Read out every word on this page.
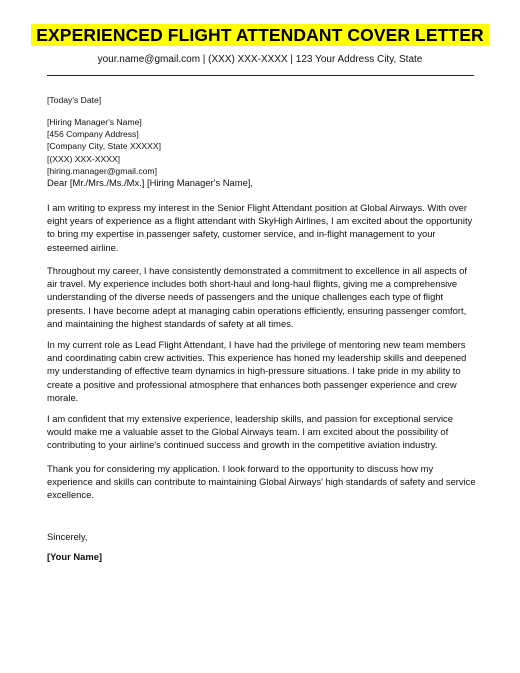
EXPERIENCED FLIGHT ATTENDANT COVER LETTER
your.name@gmail.com | (XXX) XXX-XXXX | 123 Your Address City, State
[Today's Date]
[Hiring Manager's Name]
[456 Company Address]
[Company City, State XXXXX]
[(XXX) XXX-XXXX]
[hiring.manager@gmail.com]
Dear [Mr./Mrs./Ms./Mx.] [Hiring Manager's Name],

I am writing to express my interest in the Senior Flight Attendant position at Global Airways. With over eight years of experience as a flight attendant with SkyHigh Airlines, I am excited about the opportunity to bring my expertise in passenger safety, customer service, and in-flight management to your esteemed airline.

Throughout my career, I have consistently demonstrated a commitment to excellence in all aspects of air travel. My experience includes both short-haul and long-haul flights, giving me a comprehensive understanding of the diverse needs of passengers and the unique challenges each type of flight presents. I have become adept at managing cabin operations efficiently, ensuring passenger comfort, and maintaining the highest standards of safety at all times.

In my current role as Lead Flight Attendant, I have had the privilege of mentoring new team members and coordinating cabin crew activities. This experience has honed my leadership skills and deepened my understanding of effective team dynamics in high-pressure situations. I take pride in my ability to create a positive and professional atmosphere that enhances both passenger experience and crew morale.

I am confident that my extensive experience, leadership skills, and passion for exceptional service would make me a valuable asset to the Global Airways team. I am excited about the possibility of contributing to your airline's continued success and growth in the competitive aviation industry.

Thank you for considering my application. I look forward to the opportunity to discuss how my experience and skills can contribute to maintaining Global Airways' high standards of safety and service excellence.

Sincerely,
[Your Name]
